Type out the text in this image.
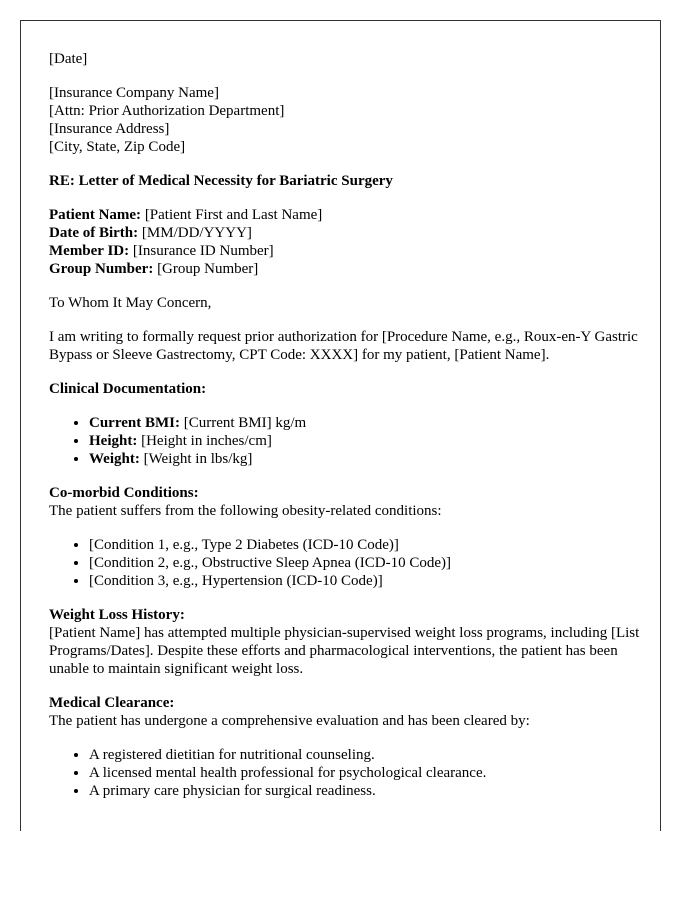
[Date]

[Insurance Company Name]
[Attn: Prior Authorization Department]
[Insurance Address]
[City, State, Zip Code]

RE: Letter of Medical Necessity for Bariatric Surgery

Patient Name: [Patient First and Last Name]
Date of Birth: [MM/DD/YYYY]
Member ID: [Insurance ID Number]
Group Number: [Group Number]

To Whom It May Concern,

I am writing to formally request prior authorization for [Procedure Name, e.g., Roux-en-Y Gastric Bypass or Sleeve Gastrectomy, CPT Code: XXXX] for my patient, [Patient Name].

Clinical Documentation:

• Current BMI: [Current BMI] kg/m
• Height: [Height in inches/cm]
• Weight: [Weight in lbs/kg]

Co-morbid Conditions:
The patient suffers from the following obesity-related conditions:

• [Condition 1, e.g., Type 2 Diabetes (ICD-10 Code)]
• [Condition 2, e.g., Obstructive Sleep Apnea (ICD-10 Code)]
• [Condition 3, e.g., Hypertension (ICD-10 Code)]

Weight Loss History:
[Patient Name] has attempted multiple physician-supervised weight loss programs, including [List Programs/Dates]. Despite these efforts and pharmacological interventions, the patient has been unable to maintain significant weight loss.

Medical Clearance:
The patient has undergone a comprehensive evaluation and has been cleared by:

• A registered dietitian for nutritional counseling.
• A licensed mental health professional for psychological clearance.
• A primary care physician for surgical readiness.
